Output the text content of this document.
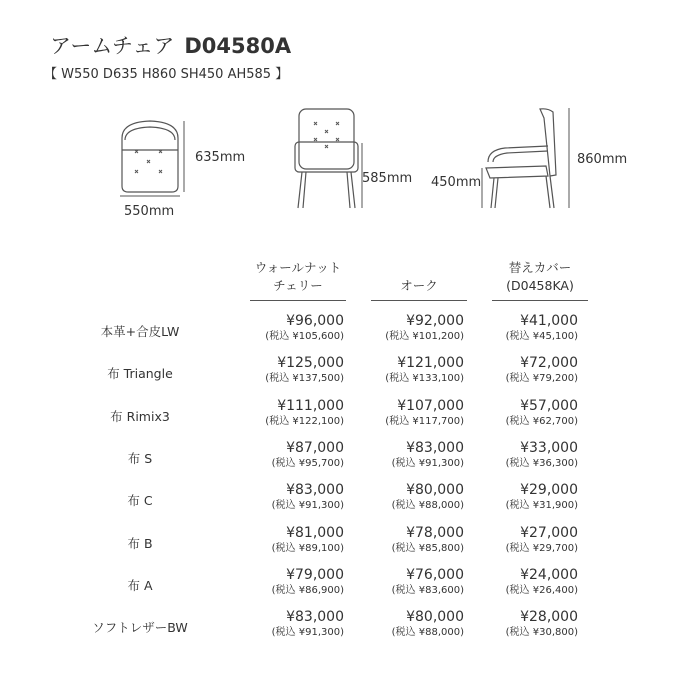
アームチェア D04580A
【 W550 D635 H860 SH450 AH585 】
635mm
550mm
585mm 450mm
860mm
ウォールナット
チェリー	オーク
替えカバー
(D0458KA)
本革+合皮LW
¥96,000
(税込 ¥105,600)
¥92,000
(税込 ¥101,200)
¥41,000
(税込 ¥45,100)
布 Triangle
¥125,000
(税込 ¥137,500)
¥121,000
(税込 ¥133,100)
¥72,000
(税込 ¥79,200)
布 Rimix3
¥111,000
(税込 ¥122,100)
¥107,000
(税込 ¥117,700)
¥57,000
(税込 ¥62,700)
布 S
¥87,000
(税込 ¥95,700)
¥83,000
(税込 ¥91,300)
¥33,000
(税込 ¥36,300)
布 C
¥83,000
(税込 ¥91,300)
¥80,000
(税込 ¥88,000)
¥29,000
(税込 ¥31,900)
布 B
¥81,000
(税込 ¥89,100)
¥78,000
(税込 ¥85,800)
¥27,000
(税込 ¥29,700)
布 A
¥79,000
(税込 ¥86,900)
¥76,000
(税込 ¥83,600)
¥24,000
(税込 ¥26,400)
ソフトレザーBW
¥83,000
(税込 ¥91,300)
¥80,000
(税込 ¥88,000)
¥28,000
(税込 ¥30,800)
